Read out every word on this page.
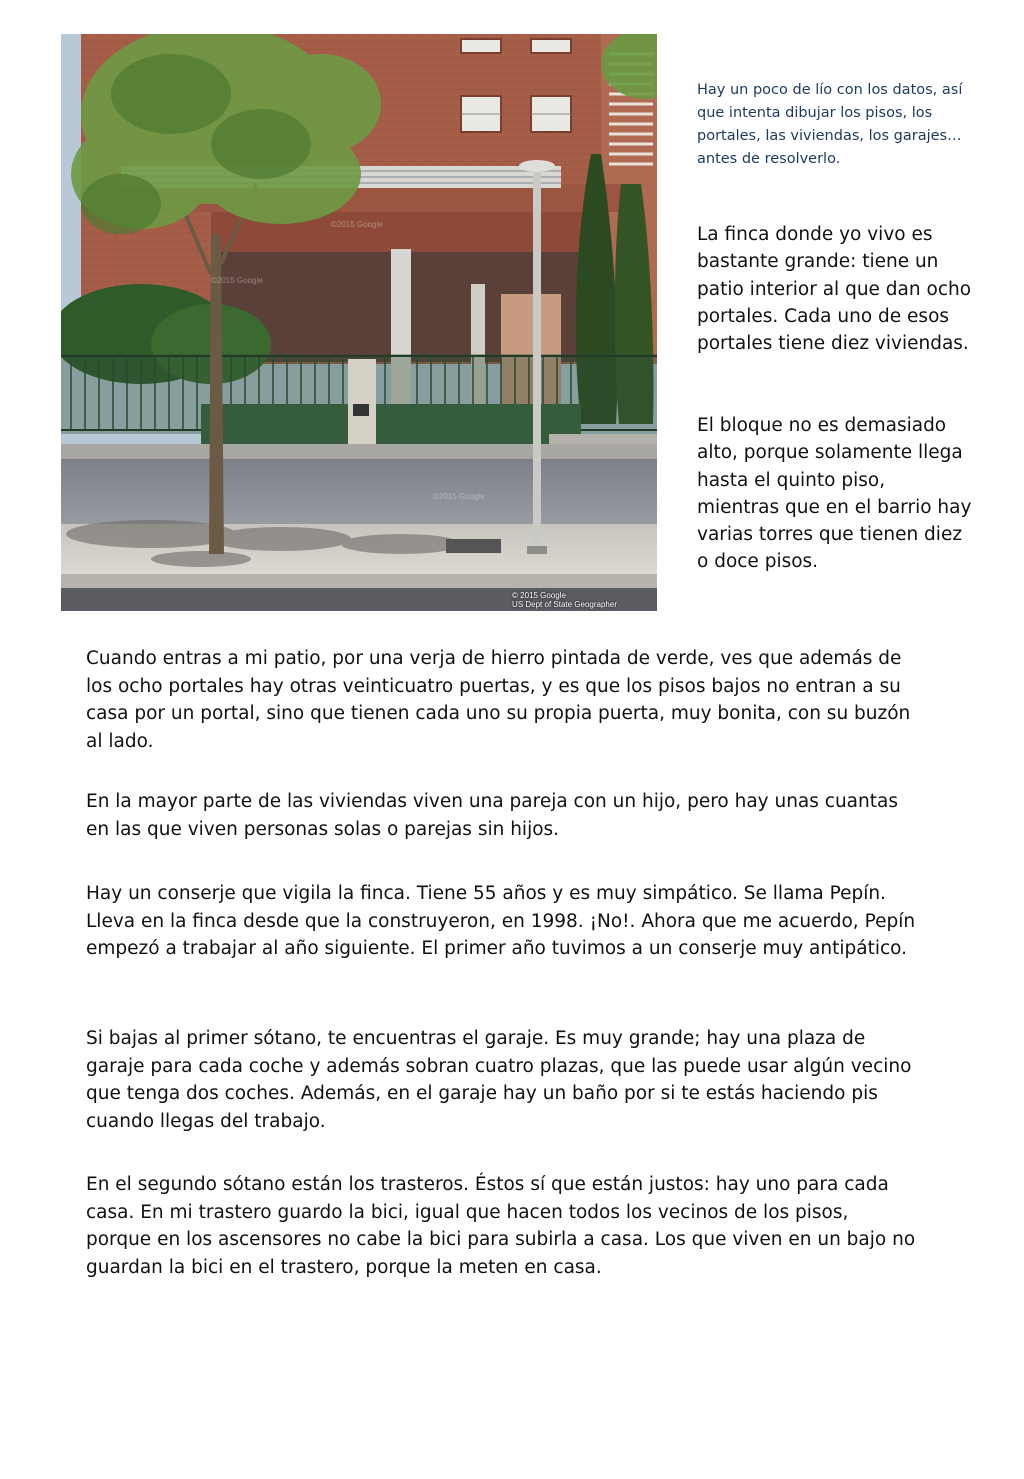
©2015 Google
©2015 Google
©2015 Google
© 2015 Google
US Dept of State Geographer

Hay un poco de lío con los datos, así que intenta dibujar los pisos, los portales, las viviendas, los garajes… antes de resolverlo.

La finca donde yo vivo es bastante grande: tiene un patio interior al que dan ocho portales. Cada uno de esos portales tiene diez viviendas.

El bloque no es demasiado alto, porque solamente llega hasta el quinto piso, mientras que en el barrio hay varias torres que tienen diez o doce pisos.

Cuando entras a mi patio, por una verja de hierro pintada de verde, ves que además de los ocho portales hay otras veinticuatro puertas, y es que los pisos bajos no entran a su casa por un portal, sino que tienen cada uno su propia puerta, muy bonita, con su buzón al lado.

En la mayor parte de las viviendas viven una pareja con un hijo, pero hay unas cuantas en las que viven personas solas o parejas sin hijos.

Hay un conserje que vigila la finca. Tiene 55 años y es muy simpático. Se llama Pepín. Lleva en la finca desde que la construyeron, en 1998. ¡No!. Ahora que me acuerdo, Pepín empezó a trabajar al año siguiente. El primer año tuvimos a un conserje muy antipático.

Si bajas al primer sótano, te encuentras el garaje. Es muy grande; hay una plaza de garaje para cada coche y además sobran cuatro plazas, que las puede usar algún vecino que tenga dos coches. Además, en el garaje hay un baño por si te estás haciendo pis cuando llegas del trabajo.

En el segundo sótano están los trasteros. Éstos sí que están justos: hay uno para cada casa. En mi trastero guardo la bici, igual que hacen todos los vecinos de los pisos, porque en los ascensores no cabe la bici para subirla a casa. Los que viven en un bajo no guardan la bici en el trastero, porque la meten en casa.
